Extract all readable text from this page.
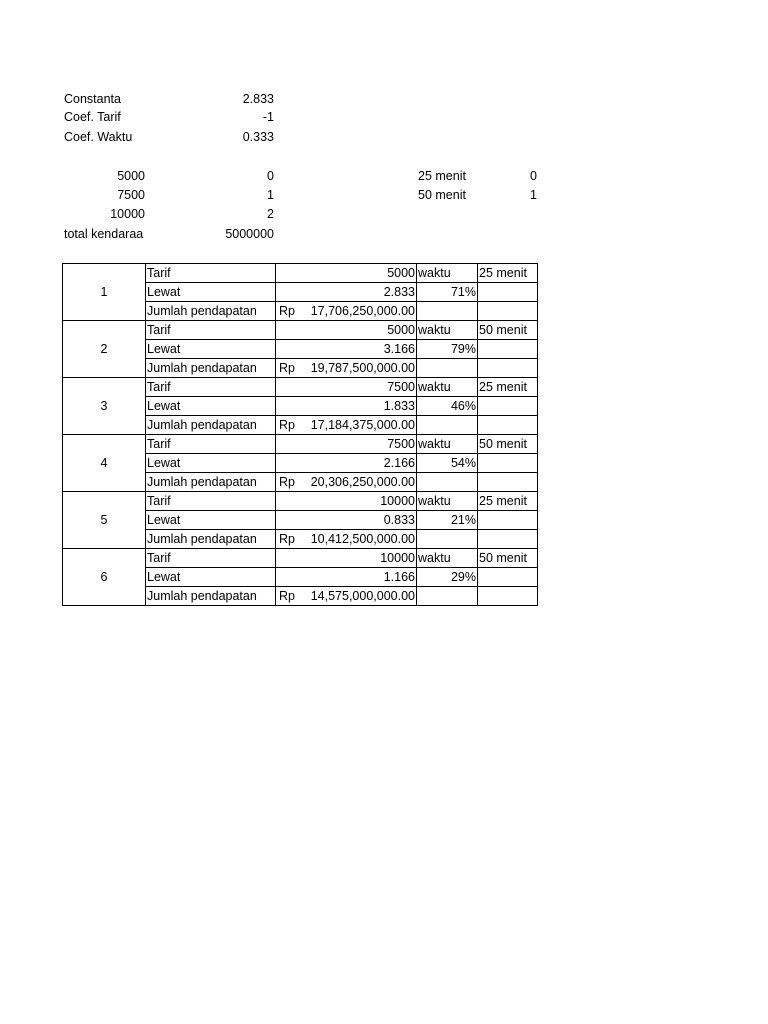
Constanta	2.833
Coef. Tarif	-1
Coef. Waktu	0.333
5000	0
7500	1
10000	2
25 menit	0
50 menit	1
total kendaraa	5000000
1	Tarif	5000	waktu	25 menit
	Lewat	2.833	71%	
	Jumlah pendapatan	Rp 17,706,250,000.00		

2	Tarif	5000	waktu	50 menit
	Lewat	3.166	79%	
	Jumlah pendapatan	Rp 19,787,500,000.00		

3	Tarif	7500	waktu	25 menit
	Lewat	1.833	46%	
	Jumlah pendapatan	Rp 17,184,375,000.00		

4	Tarif	7500	waktu	50 menit
	Lewat	2.166	54%	
	Jumlah pendapatan	Rp 20,306,250,000.00		

5	Tarif	10000	waktu	25 menit
	Lewat	0.833	21%	
	Jumlah pendapatan	Rp 10,412,500,000.00		

6	Tarif	10000	waktu	50 menit
	Lewat	1.166	29%	
	Jumlah pendapatan	Rp 14,575,000,000.00		
